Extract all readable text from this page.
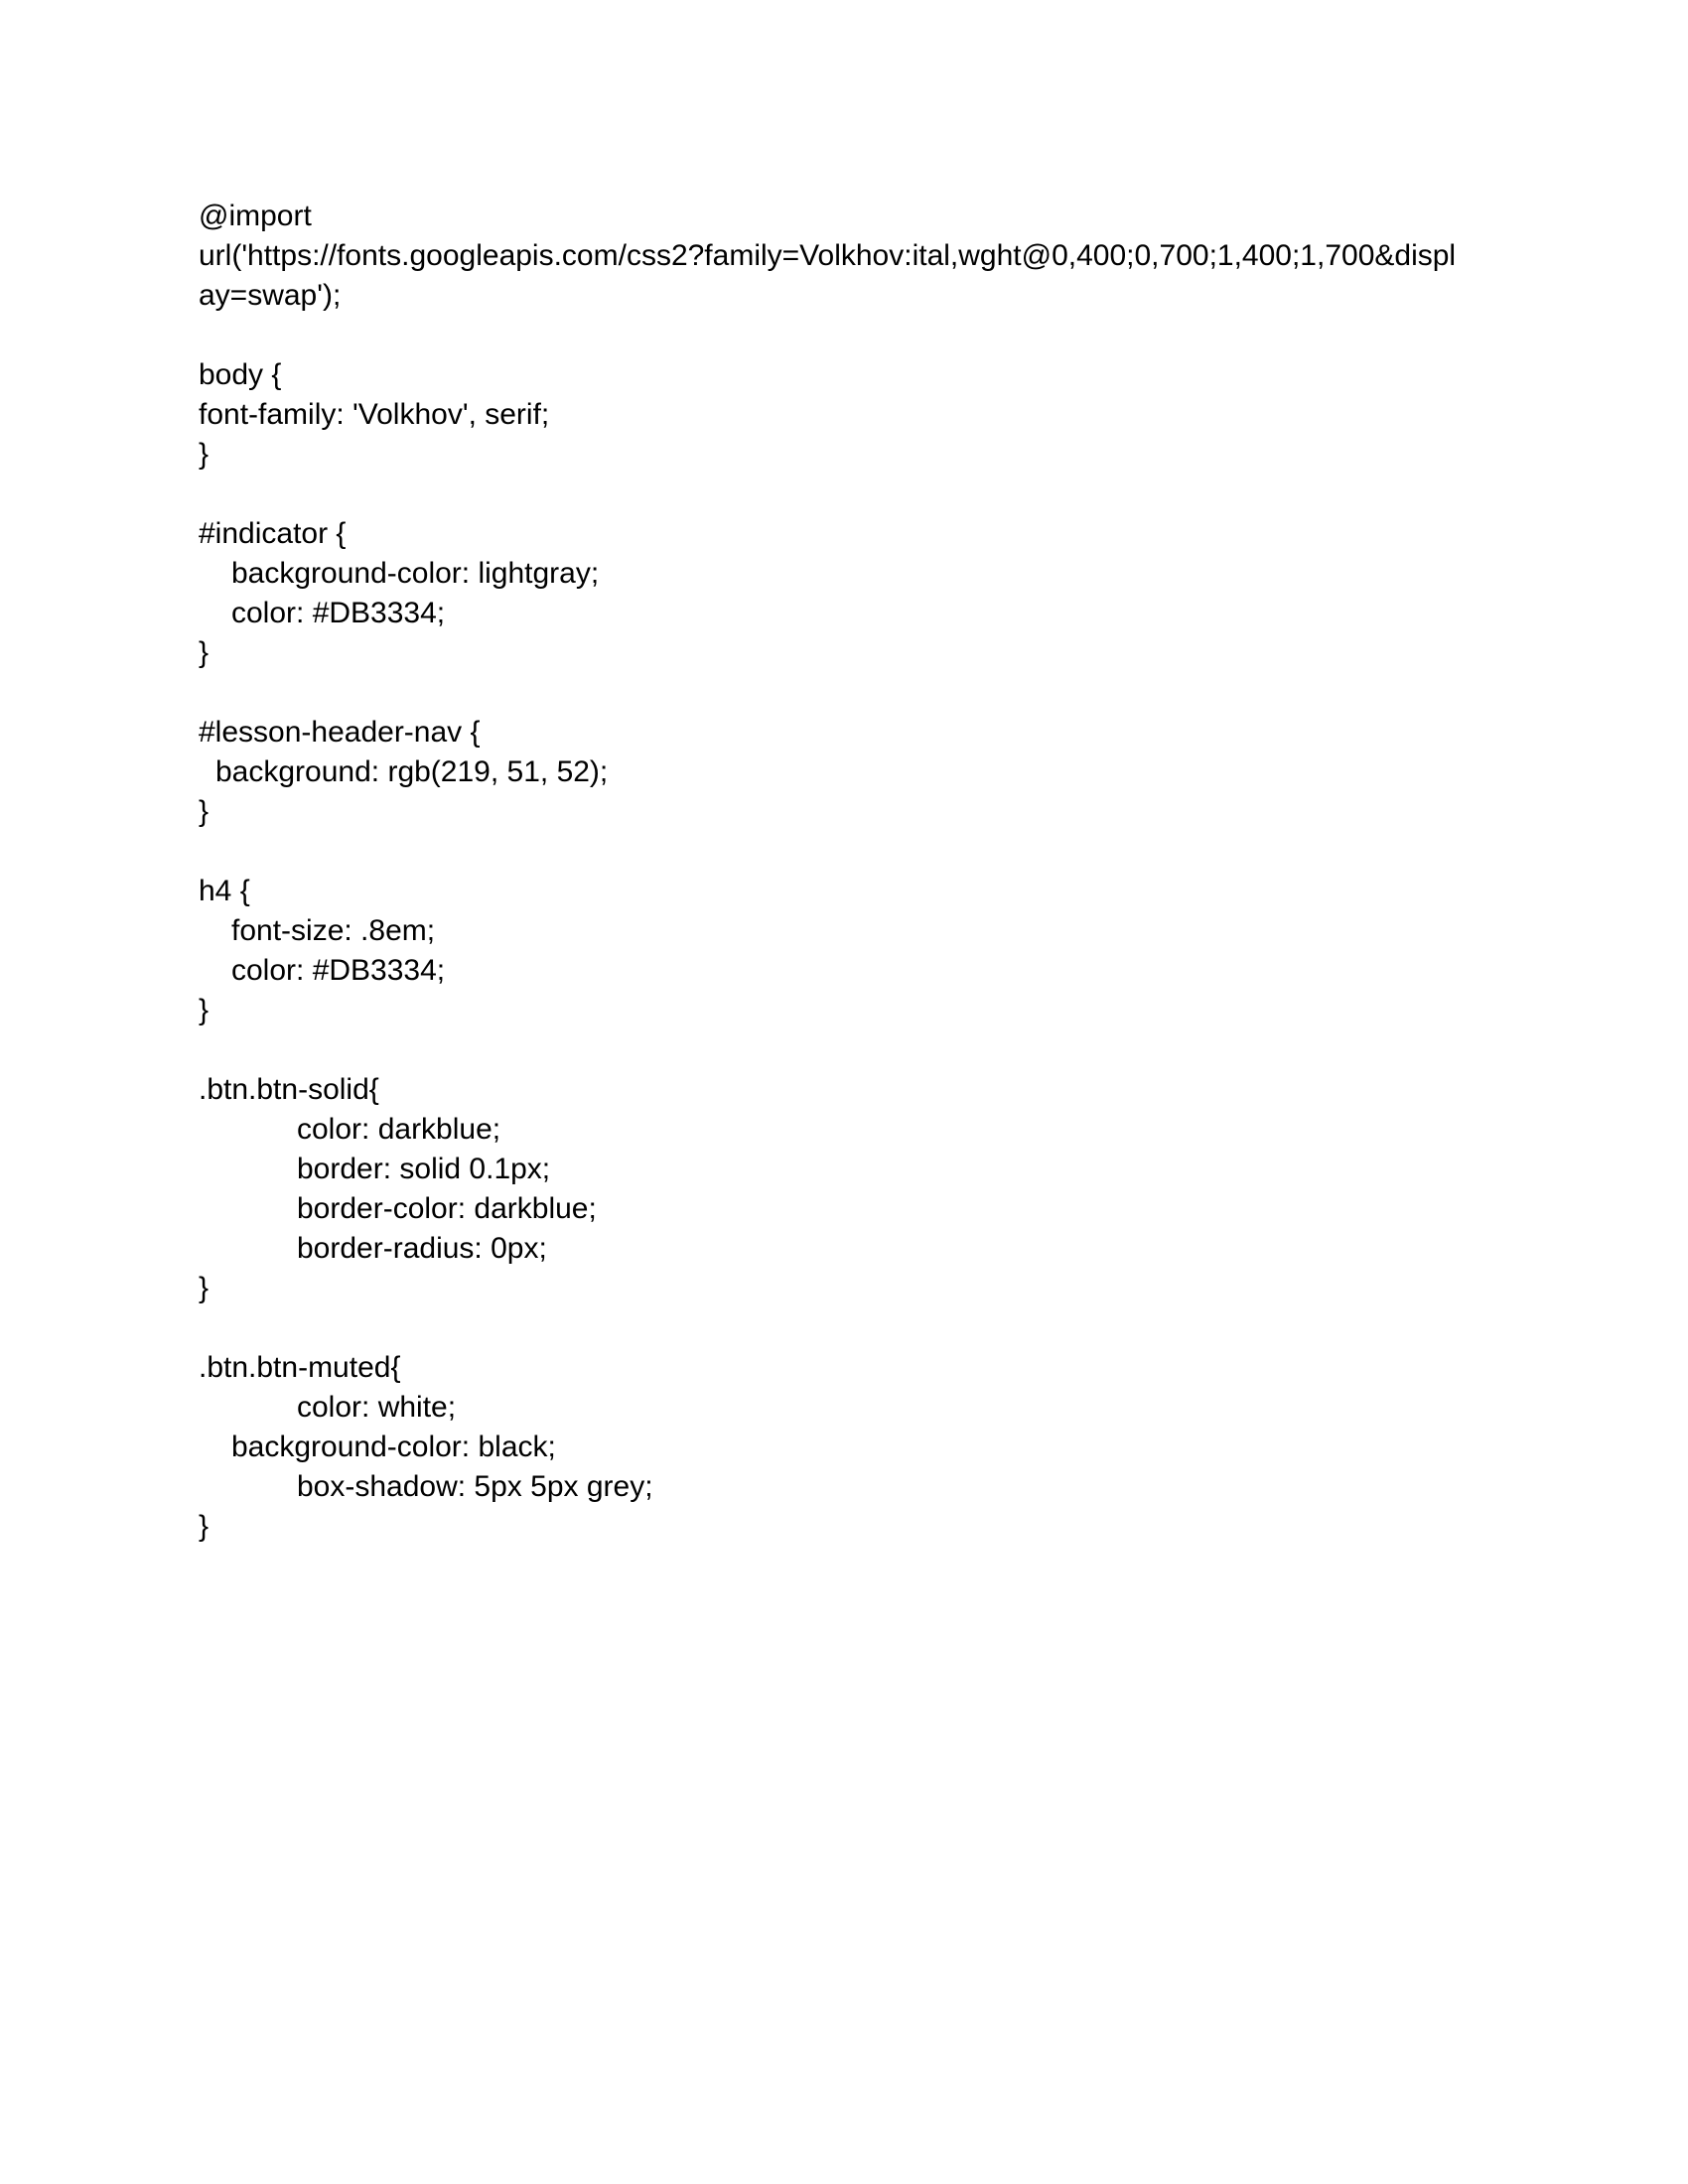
@import
url('https://fonts.googleapis.com/css2?family=Volkhov:ital,wght@0,400;0,700;1,400;1,700&displ
ay=swap');
body {
font-family: 'Volkhov', serif;
}
#indicator {
background-color: lightgray;
color: #DB3334;
}
#lesson-header-nav {
background: rgb(219, 51, 52);
}
h4 {
font-size: .8em;
color: #DB3334;
}
.btn.btn-solid{
color: darkblue;
border: solid 0.1px;
border-color: darkblue;
border-radius: 0px;
}
.btn.btn-muted{
color: white;
background-color: black;
box-shadow: 5px 5px grey;
}
